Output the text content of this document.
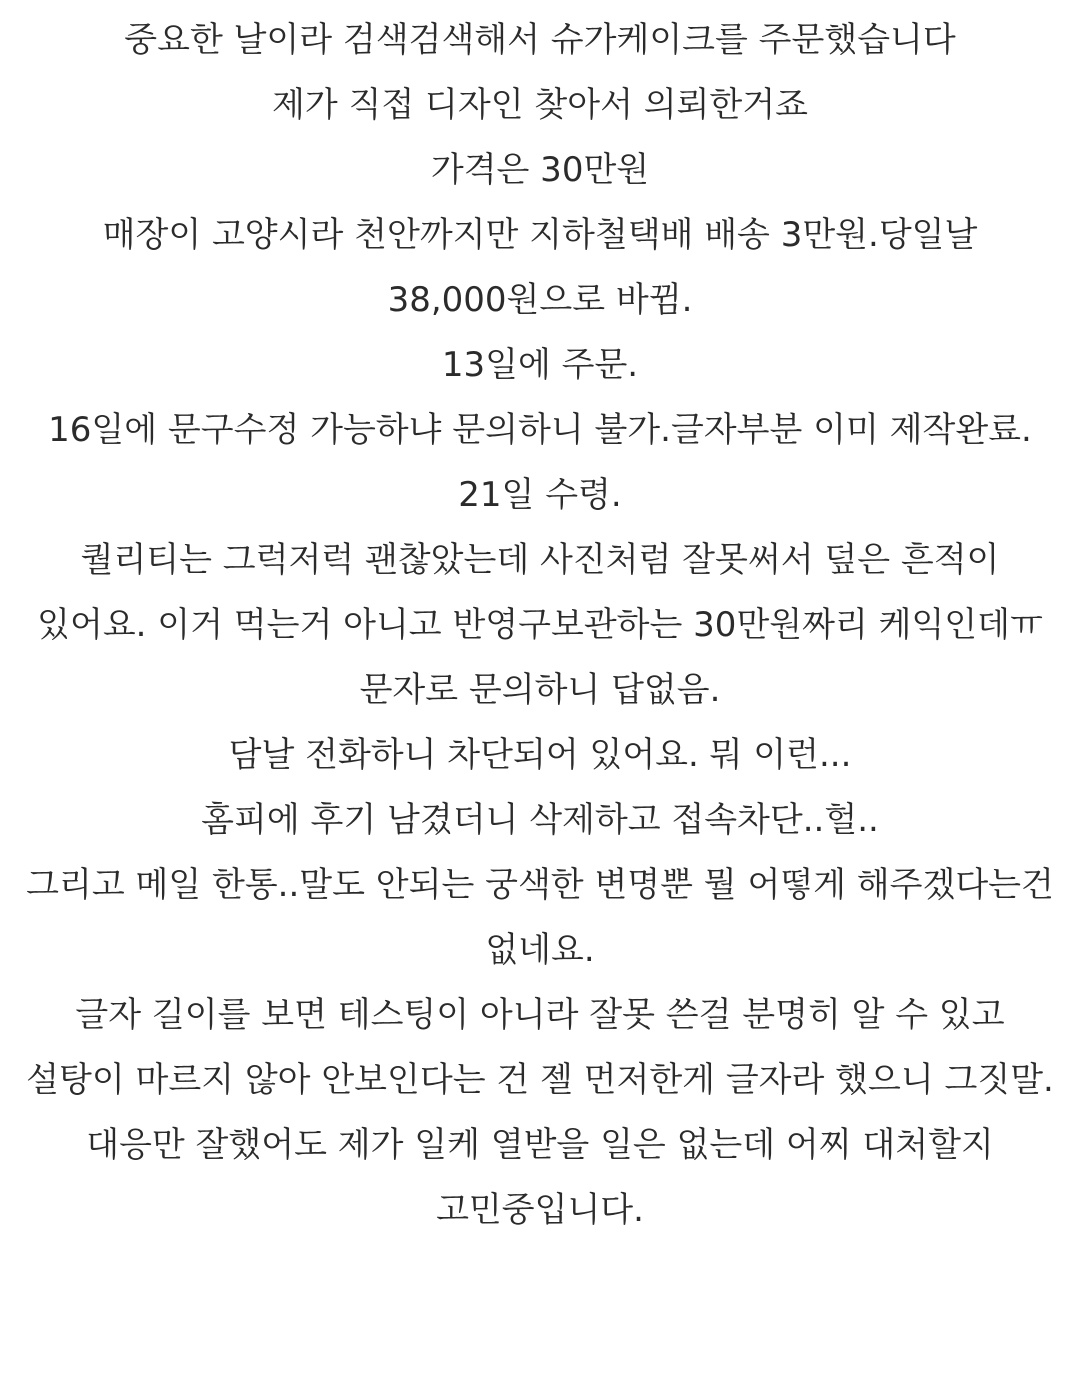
중요한 날이라 검색검색해서 슈가케이크를 주문했습니다

제가 직접 디자인 찾아서 의뢰한거죠

가격은 30만원

매장이 고양시라 천안까지만 지하철택배 배송 3만원.당일날 38,000원으로 바뀜.

13일에 주문.

16일에 문구수정 가능하냐 문의하니 불가.글자부분 이미 제작완료. 21일 수령.

퀄리티는 그럭저럭 괜찮았는데 사진처럼 잘못써서 덮은 흔적이 있어요. 이거 먹는거 아니고 반영구보관하는 30만원짜리 케익인데ㅠ

문자로 문의하니 답없음.

담날 전화하니 차단되어 있어요. 뭐 이런...

홈피에 후기 남겼더니 삭제하고 접속차단..헐..

그리고 메일 한통..말도 안되는 궁색한 변명뿐 뭘 어떻게 해주겠다는건 없네요.

글자 길이를 보면 테스팅이 아니라 잘못 쓴걸 분명히 알 수 있고 설탕이 마르지 않아 안보인다는 건 젤 먼저한게 글자라 했으니 그짓말.

대응만 잘했어도 제가 일케 열받을 일은 없는데 어찌 대처할지 고민중입니다.
